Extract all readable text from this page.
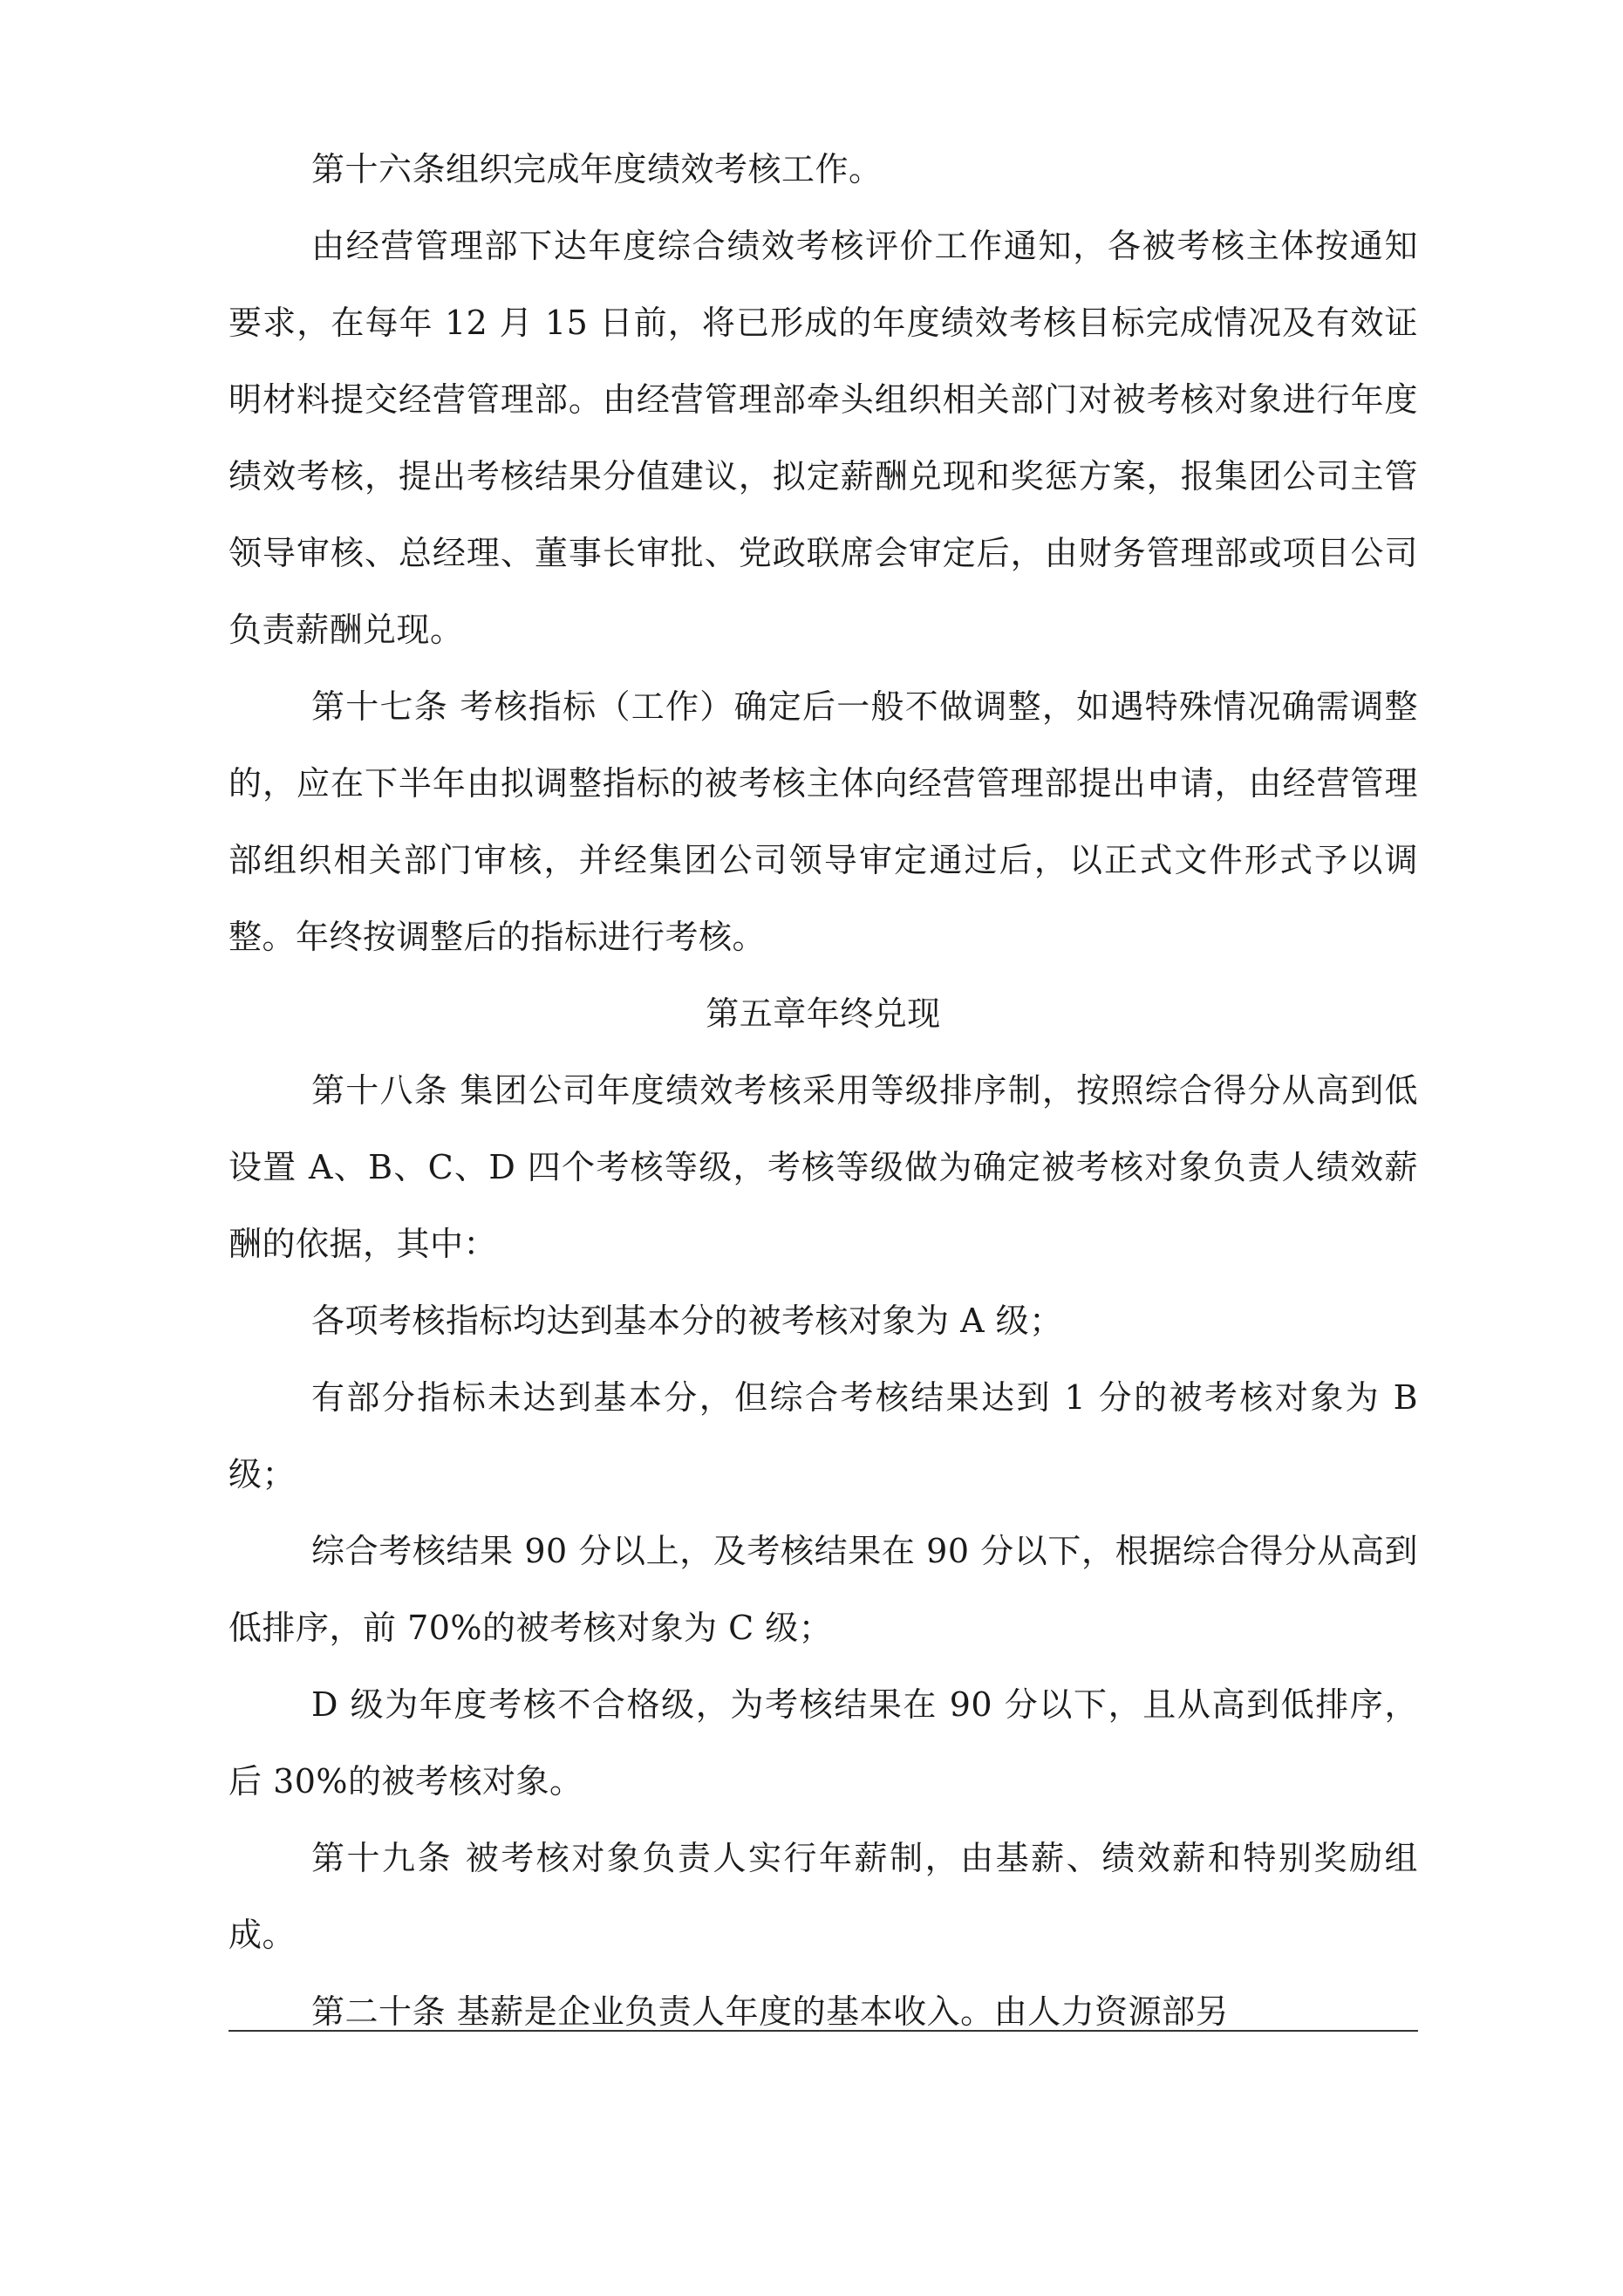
第十六条组织完成年度绩效考核工作。

由经营管理部下达年度综合绩效考核评价工作通知，各被考核主体按通知要求，在每年 12 月 15 日前，将已形成的年度绩效考核目标完成情况及有效证明材料提交经营管理部。由经营管理部牵头组织相关部门对被考核对象进行年度绩效考核，提出考核结果分值建议，拟定薪酬兑现和奖惩方案，报集团公司主管领导审核、总经理、董事长审批、党政联席会审定后，由财务管理部或项目公司负责薪酬兑现。

第十七条 考核指标（工作）确定后一般不做调整，如遇特殊情况确需调整的，应在下半年由拟调整指标的被考核主体向经营管理部提出申请，由经营管理部组织相关部门审核，并经集团公司领导审定通过后，以正式文件形式予以调整。年终按调整后的指标进行考核。

第五章年终兑现

第十八条 集团公司年度绩效考核采用等级排序制，按照综合得分从高到低设置 A、B、C、D 四个考核等级，考核等级做为确定被考核对象负责人绩效薪酬的依据，其中：

各项考核指标均达到基本分的被考核对象为 A 级；

有部分指标未达到基本分，但综合考核结果达到 1 分的被考核对象为 B 级；

综合考核结果 90 分以上，及考核结果在 90 分以下，根据综合得分从高到低排序，前 70%的被考核对象为 C 级；

D 级为年度考核不合格级，为考核结果在 90 分以下，且从高到低排序，后 30%的被考核对象。

第十九条 被考核对象负责人实行年薪制，由基薪、绩效薪和特别奖励组成。

第二十条 基薪是企业负责人年度的基本收入。由人力资源部另
